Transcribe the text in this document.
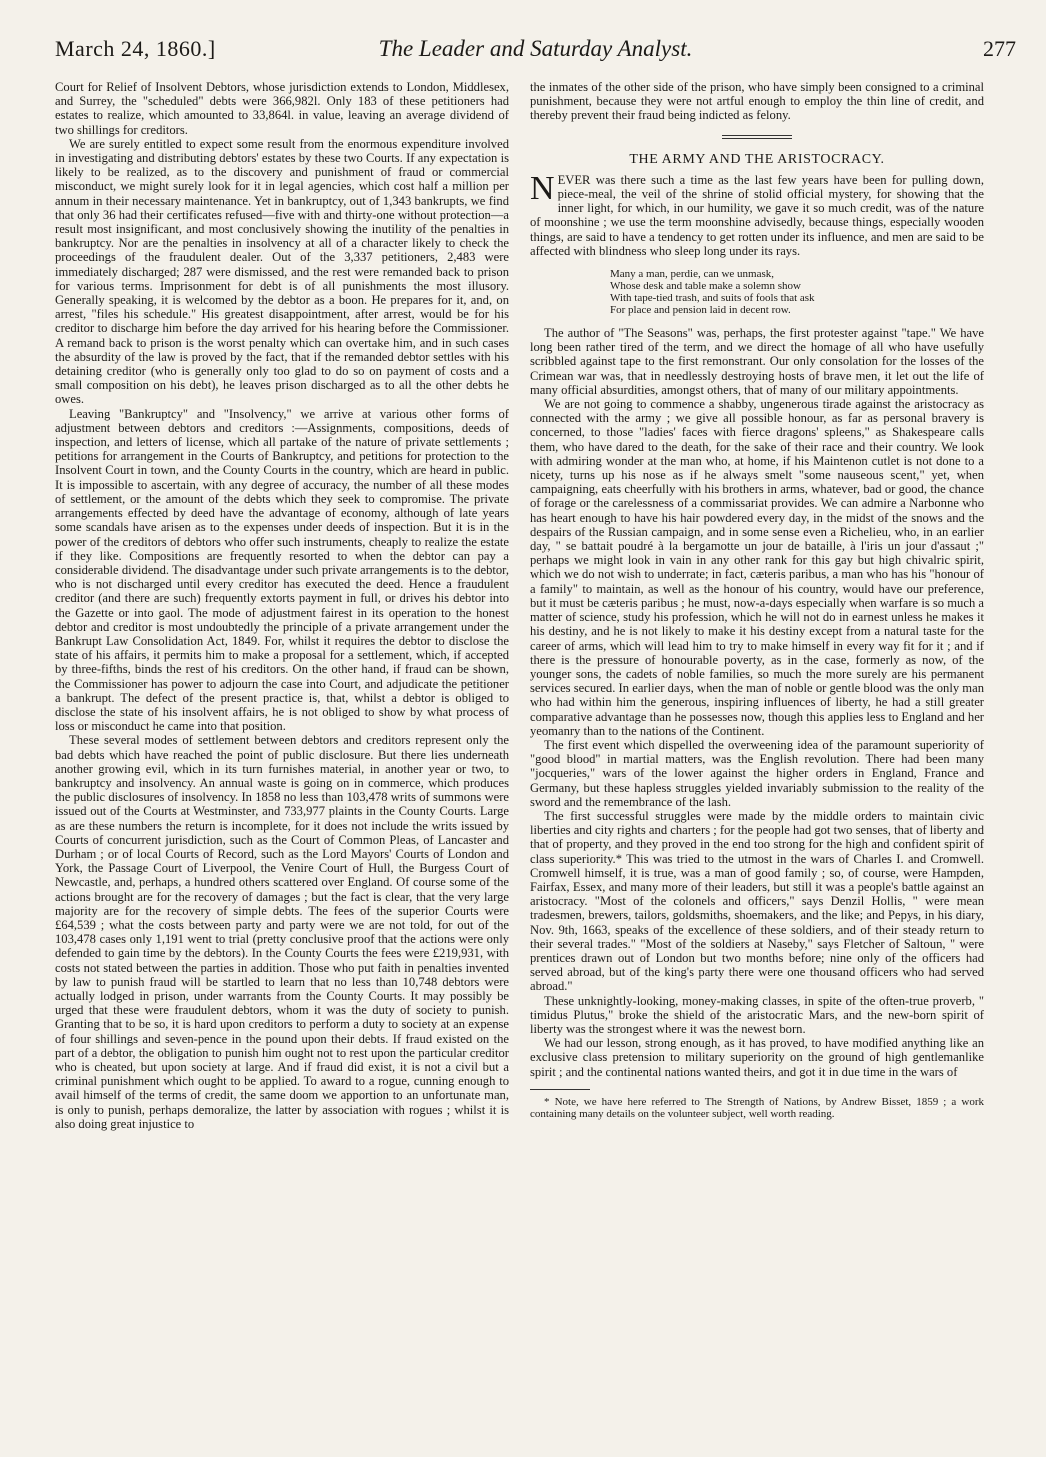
March 24, 1860.]	The Leader and Saturday Analyst.	277

Court for Relief of Insolvent Debtors, whose jurisdiction extends to London, Middlesex, and Surrey, the "scheduled" debts were 366,982l. Only 183 of these petitioners had estates to realize, which amounted to 33,864l. in value, leaving an average dividend of two shillings for creditors.

We are surely entitled to expect some result from the enormous expenditure involved in investigating and distributing debtors' estates by these two Courts. If any expectation is likely to be realized, as to the discovery and punishment of fraud or commercial misconduct, we might surely look for it in legal agencies, which cost half a million per annum in their necessary maintenance. Yet in bankruptcy, out of 1,343 bankrupts, we find that only 36 had their certificates refused—five with and thirty-one without protection—a result most insignificant, and most conclusively showing the inutility of the penalties in bankruptcy. Nor are the penalties in insolvency at all of a character likely to check the proceedings of the fraudulent dealer. Out of the 3,337 petitioners, 2,483 were immediately discharged; 287 were dismissed, and the rest were remanded back to prison for various terms. Imprisonment for debt is of all punishments the most illusory. Generally speaking, it is welcomed by the debtor as a boon. He prepares for it, and, on arrest, "files his schedule." His greatest disappointment, after arrest, would be for his creditor to discharge him before the day arrived for his hearing before the Commissioner. A remand back to prison is the worst penalty which can overtake him, and in such cases the absurdity of the law is proved by the fact, that if the remanded debtor settles with his detaining creditor (who is generally only too glad to do so on payment of costs and a small composition on his debt), he leaves prison discharged as to all the other debts he owes.

Leaving "Bankruptcy" and "Insolvency," we arrive at various other forms of adjustment between debtors and creditors :—Assignments, compositions, deeds of inspection, and letters of license, which all partake of the nature of private settlements ; petitions for arrangement in the Courts of Bankruptcy, and petitions for protection to the Insolvent Court in town, and the County Courts in the country, which are heard in public. It is impossible to ascertain, with any degree of accuracy, the number of all these modes of settlement, or the amount of the debts which they seek to compromise. The private arrangements effected by deed have the advantage of economy, although of late years some scandals have arisen as to the expenses under deeds of inspection. But it is in the power of the creditors of debtors who offer such instruments, cheaply to realize the estate if they like. Compositions are frequently resorted to when the debtor can pay a considerable dividend. The disadvantage under such private arrangements is to the debtor, who is not discharged until every creditor has executed the deed. Hence a fraudulent creditor (and there are such) frequently extorts payment in full, or drives his debtor into the Gazette or into gaol. The mode of adjustment fairest in its operation to the honest debtor and creditor is most undoubtedly the principle of a private arrangement under the Bankrupt Law Consolidation Act, 1849. For, whilst it requires the debtor to disclose the state of his affairs, it permits him to make a proposal for a settlement, which, if accepted by three-fifths, binds the rest of his creditors. On the other hand, if fraud can be shown, the Commissioner has power to adjourn the case into Court, and adjudicate the petitioner a bankrupt. The defect of the present practice is, that, whilst a debtor is obliged to disclose the state of his insolvent affairs, he is not obliged to show by what process of loss or misconduct he came into that position.

These several modes of settlement between debtors and creditors represent only the bad debts which have reached the point of public disclosure. But there lies underneath another growing evil, which in its turn furnishes material, in another year or two, to bankruptcy and insolvency. An annual waste is going on in commerce, which produces the public disclosures of insolvency. In 1858 no less than 103,478 writs of summons were issued out of the Courts at Westminster, and 733,977 plaints in the County Courts. Large as are these numbers the return is incomplete, for it does not include the writs issued by Courts of concurrent jurisdiction, such as the Court of Common Pleas, of Lancaster and Durham ; or of local Courts of Record, such as the Lord Mayors' Courts of London and York, the Passage Court of Liverpool, the Venire Court of Hull, the Burgess Court of Newcastle, and, perhaps, a hundred others scattered over England. Of course some of the actions brought are for the recovery of damages ; but the fact is clear, that the very large majority are for the recovery of simple debts. The fees of the superior Courts were £64,539 ; what the costs between party and party were we are not told, for out of the 103,478 cases only 1,191 went to trial (pretty conclusive proof that the actions were only defended to gain time by the debtors). In the County Courts the fees were £219,931, with costs not stated between the parties in addition. Those who put faith in penalties invented by law to punish fraud will be startled to learn that no less than 10,748 debtors were actually lodged in prison, under warrants from the County Courts. It may possibly be urged that these were fraudulent debtors, whom it was the duty of society to punish. Granting that to be so, it is hard upon creditors to perform a duty to society at an expense of four shillings and seven-pence in the pound upon their debts. If fraud existed on the part of a debtor, the obligation to punish him ought not to rest upon the particular creditor who is cheated, but upon society at large. And if fraud did exist, it is not a civil but a criminal punishment which ought to be applied. To award to a rogue, cunning enough to avail himself of the terms of credit, the same doom we apportion to an unfortunate man, is only to punish, perhaps demoralize, the latter by association with rogues ; whilst it is also doing great injustice to

the inmates of the other side of the prison, who have simply been consigned to a criminal punishment, because they were not artful enough to employ the thin line of credit, and thereby prevent their fraud being indicted as felony.

THE ARMY AND THE ARISTOCRACY.

NEVER was there such a time as the last few years have been for pulling down, piece-meal, the veil of the shrine of stolid official mystery, for showing that the inner light, for which, in our humility, we gave it so much credit, was of the nature of moonshine ; we use the term moonshine advisedly, because things, especially wooden things, are said to have a tendency to get rotten under its influence, and men are said to be affected with blindness who sleep long under its rays.

Many a man, perdie, can we unmask,
Whose desk and table make a solemn show
With tape-tied trash, and suits of fools that ask
For place and pension laid in decent row.

The author of "The Seasons" was, perhaps, the first protester against "tape." We have long been rather tired of the term, and we direct the homage of all who have usefully scribbled against tape to the first remonstrant. Our only consolation for the losses of the Crimean war was, that in needlessly destroying hosts of brave men, it let out the life of many official absurdities, amongst others, that of many of our military appointments.

We are not going to commence a shabby, ungenerous tirade against the aristocracy as connected with the army ; we give all possible honour, as far as personal bravery is concerned, to those "ladies' faces with fierce dragons' spleens," as Shakespeare calls them, who have dared to the death, for the sake of their race and their country. We look with admiring wonder at the man who, at home, if his Maintenon cutlet is not done to a nicety, turns up his nose as if he always smelt "some nauseous scent," yet, when campaigning, eats cheerfully with his brothers in arms, whatever, bad or good, the chance of forage or the carelessness of a commissariat provides. We can admire a Narbonne who has heart enough to have his hair powdered every day, in the midst of the snows and the despairs of the Russian campaign, and in some sense even a Richelieu, who, in an earlier day, " se battait poudré à la bergamotte un jour de bataille, à l'iris un jour d'assaut ;" perhaps we might look in vain in any other rank for this gay but high chivalric spirit, which we do not wish to underrate; in fact, cæteris paribus, a man who has his "honour of a family" to maintain, as well as the honour of his country, would have our preference, but it must be cæteris paribus ; he must, now-a-days especially when warfare is so much a matter of science, study his profession, which he will not do in earnest unless he makes it his destiny, and he is not likely to make it his destiny except from a natural taste for the career of arms, which will lead him to try to make himself in every way fit for it ; and if there is the pressure of honourable poverty, as in the case, formerly as now, of the younger sons, the cadets of noble families, so much the more surely are his permanent services secured. In earlier days, when the man of noble or gentle blood was the only man who had within him the generous, inspiring influences of liberty, he had a still greater comparative advantage than he possesses now, though this applies less to England and her yeomanry than to the nations of the Continent.

The first event which dispelled the overweening idea of the paramount superiority of "good blood" in martial matters, was the English revolution. There had been many "jocqueries," wars of the lower against the higher orders in England, France and Germany, but these hapless struggles yielded invariably submission to the reality of the sword and the remembrance of the lash.

The first successful struggles were made by the middle orders to maintain civic liberties and city rights and charters ; for the people had got two senses, that of liberty and that of property, and they proved in the end too strong for the high and confident spirit of class superiority.* This was tried to the utmost in the wars of Charles I. and Cromwell. Cromwell himself, it is true, was a man of good family ; so, of course, were Hampden, Fairfax, Essex, and many more of their leaders, but still it was a people's battle against an aristocracy. "Most of the colonels and officers," says Denzil Hollis, " were mean tradesmen, brewers, tailors, goldsmiths, shoemakers, and the like; and Pepys, in his diary, Nov. 9th, 1663, speaks of the excellence of these soldiers, and of their steady return to their several trades." "Most of the soldiers at Naseby," says Fletcher of Saltoun, " were prentices drawn out of London but two months before; nine only of the officers had served abroad, but of the king's party there were one thousand officers who had served abroad."

These unknightly-looking, money-making classes, in spite of the often-true proverb, " timidus Plutus," broke the shield of the aristocratic Mars, and the new-born spirit of liberty was the strongest where it was the newest born.

We had our lesson, strong enough, as it has proved, to have modified anything like an exclusive class pretension to military superiority on the ground of high gentlemanlike spirit ; and the continental nations wanted theirs, and got it in due time in the wars of

* Note, we have here referred to The Strength of Nations, by Andrew Bisset, 1859 ; a work containing many details on the volunteer subject, well worth reading.
